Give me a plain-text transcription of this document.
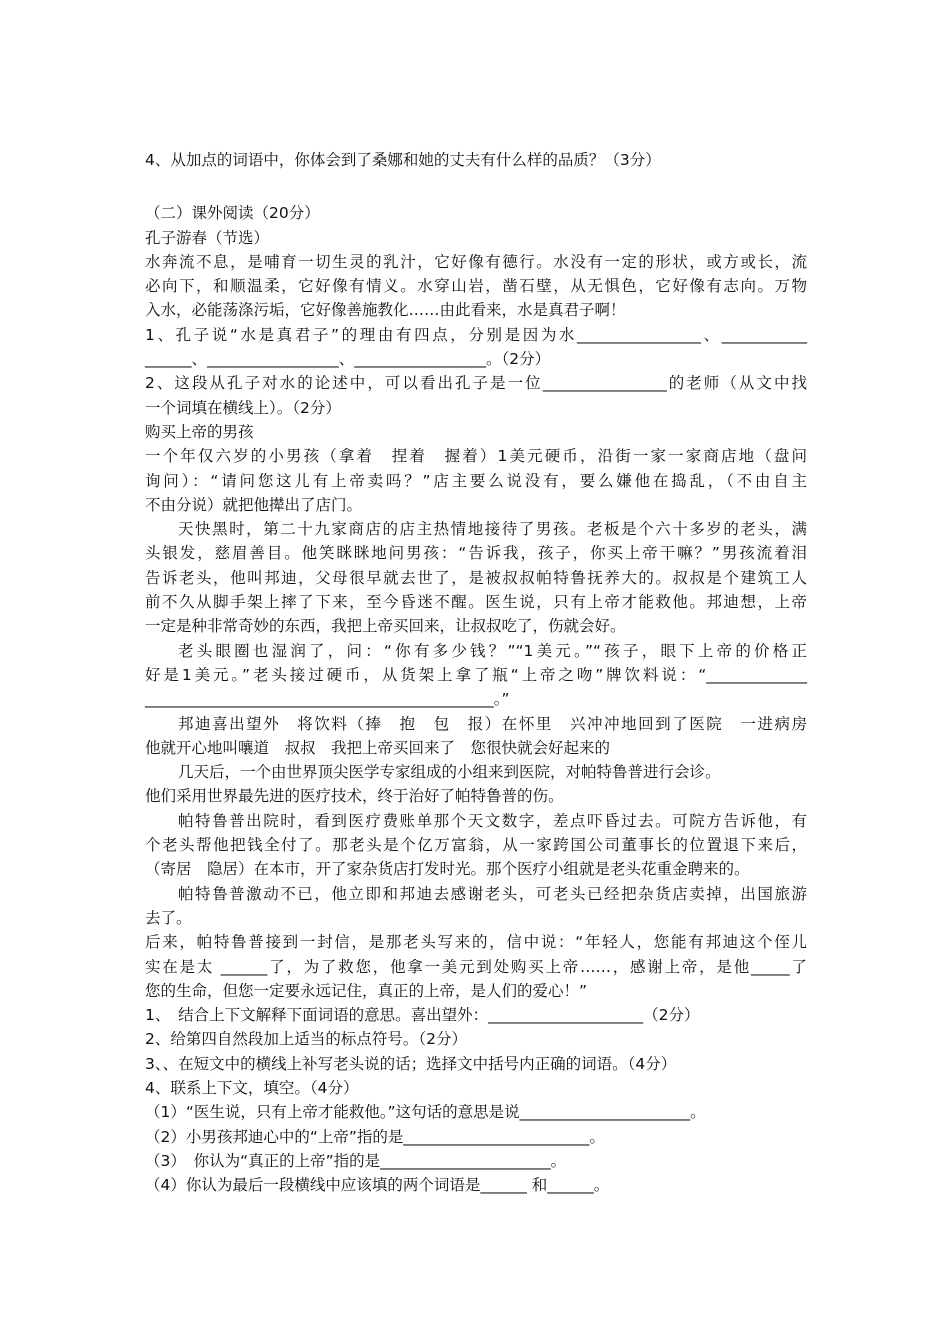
4、从加点的词语中，你体会到了桑娜和她的丈夫有什么样的品质？（3分）
（二）课外阅读（20分）
孔子游春（节选）
水奔流不息，是哺育一切生灵的乳汁，它好像有德行。水没有一定的形状，或方或长，流
必向下，和顺温柔，它好像有情义。水穿山岩，凿石壁，从无惧色，它好像有志向。万物
入水，必能荡涤污垢，它好像善施教化……由此看来，水是真君子啊！
1、孔子说“水是真君子”的理由有四点，分别是因为水________________、___________
______、_________________、_________________。（2分）
2、这段从孔子对水的论述中，可以看出孔子是一位________________的老师（从文中找
一个词填在横线上）。（2分）
购买上帝的男孩
一个年仅六岁的小男孩（拿着　捏着　握着）1美元硬币，沿街一家一家商店地（盘问
询问）：“请问您这儿有上帝卖吗？”店主要么说没有，要么嫌他在捣乱，（不由自主
不由分说）就把他撵出了店门。
天快黑时，第二十九家商店的店主热情地接待了男孩。老板是个六十多岁的老头，满
头银发，慈眉善目。他笑眯眯地问男孩：“告诉我，孩子，你买上帝干嘛？”男孩流着泪
告诉老头，他叫邦迪，父母很早就去世了，是被叔叔帕特鲁抚养大的。叔叔是个建筑工人
前不久从脚手架上摔了下来，至今昏迷不醒。医生说，只有上帝才能救他。邦迪想，上帝
一定是种非常奇妙的东西，我把上帝买回来，让叔叔吃了，伤就会好。
老头眼圈也湿润了，问：“你有多少钱？”“1美元。”“孩子，眼下上帝的价格正
好是1美元。”老头接过硬币，从货架上拿了瓶“上帝之吻”牌饮料说：“_____________
_____________________________________________。”
邦迪喜出望外　将饮料（捧　抱　包　报）在怀里　兴冲冲地回到了医院　一进病房
他就开心地叫嚷道　叔叔　我把上帝买回来了　您很快就会好起来的
几天后，一个由世界顶尖医学专家组成的小组来到医院，对帕特鲁普进行会诊。
他们采用世界最先进的医疗技术，终于治好了帕特鲁普的伤。
帕特鲁普出院时，看到医疗费账单那个天文数字，差点吓昏过去。可院方告诉他，有
个老头帮他把钱全付了。那老头是个亿万富翁，从一家跨国公司董事长的位置退下来后，
（寄居　隐居）在本市，开了家杂货店打发时光。那个医疗小组就是老头花重金聘来的。
帕特鲁普激动不已，他立即和邦迪去感谢老头，可老头已经把杂货店卖掉，出国旅游
去了。
后来，帕特鲁普接到一封信，是那老头写来的，信中说：“年轻人，您能有邦迪这个侄儿
实在是太 ______了，为了救您，他拿一美元到处购买上帝……，感谢上帝，是他_____了
您的生命，但您一定要永远记住，真正的上帝，是人们的爱心！”
1、　结合上下文解释下面词语的意思。喜出望外：____________________（2分）
2、给第四自然段加上适当的标点符号。（2分）
3、、在短文中的横线上补写老头说的话；选择文中括号内正确的词语。（4分）
4、联系上下文，填空。（4分）
（1）“医生说，只有上帝才能救他。”这句话的意思是说______________________。
（2）小男孩邦迪心中的“上帝”指的是________________________。
（3）　你认为“真正的上帝”指的是______________________。
（4）你认为最后一段横线中应该填的两个词语是______ 和______。
